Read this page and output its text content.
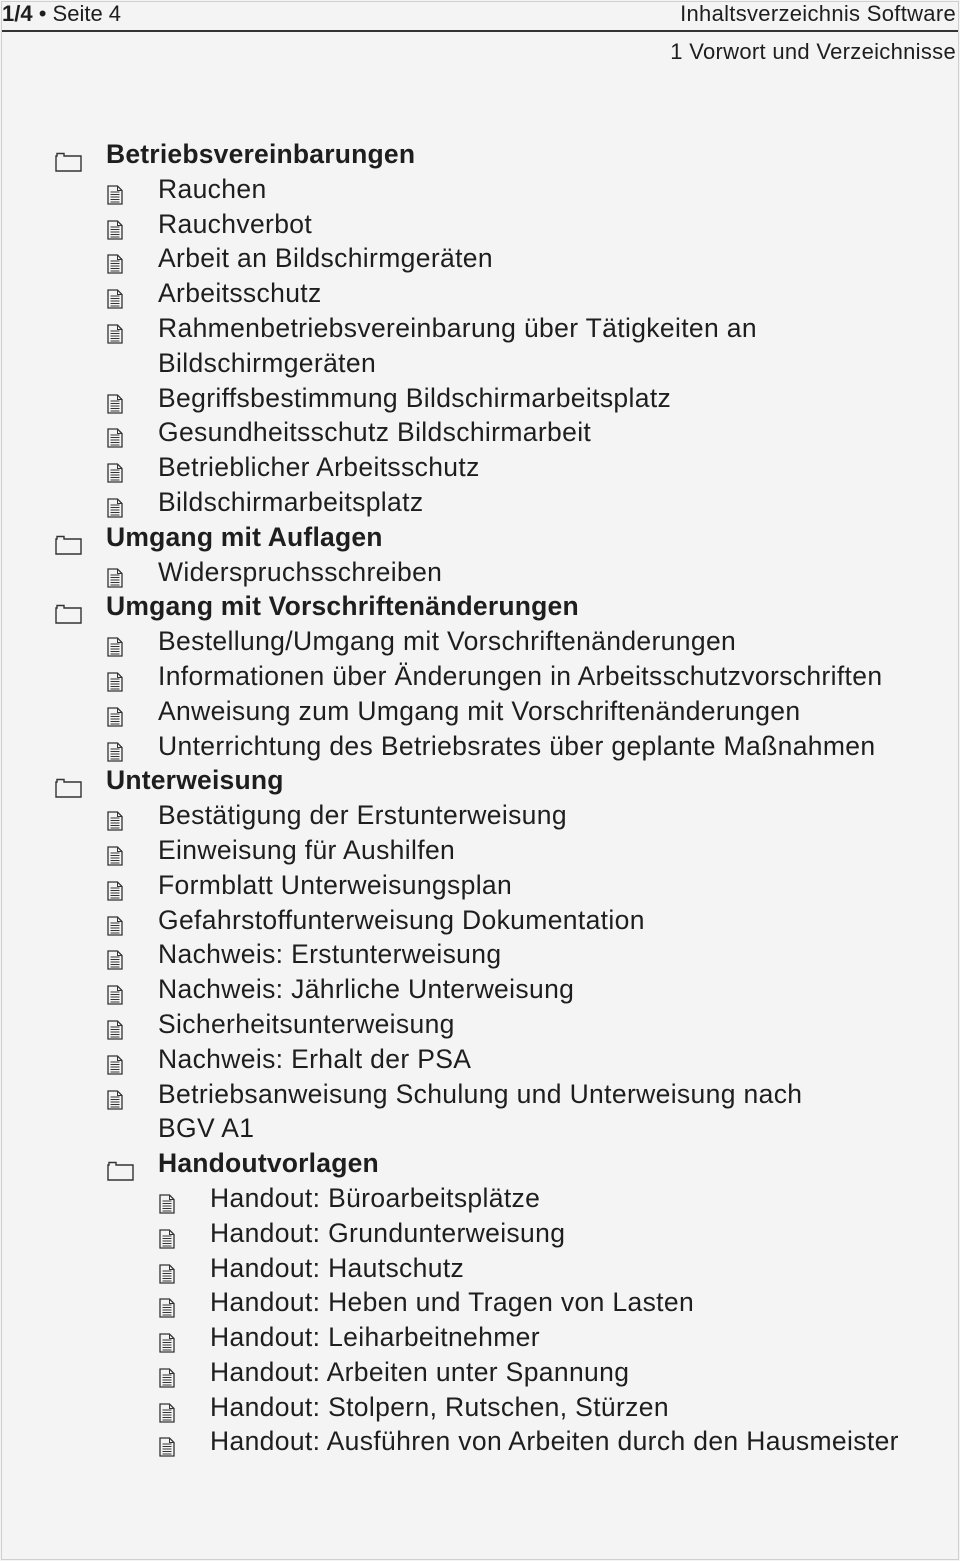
1/4 • Seite 4	Inhaltsverzeichnis Software
1 Vorwort und Verzeichnisse
Betriebsvereinbarungen
Rauchen
Rauchverbot
Arbeit an Bildschirmgeräten
Arbeitsschutz
Rahmenbetriebsvereinbarung über Tätigkeiten an
Bildschirmgeräten
Begriffsbestimmung Bildschirmarbeitsplatz
Gesundheitsschutz Bildschirmarbeit
Betrieblicher Arbeitsschutz
Bildschirmarbeitsplatz
Umgang mit Auflagen
Widerspruchsschreiben
Umgang mit Vorschriftenänderungen
Bestellung/Umgang mit Vorschriftenänderungen
Informationen über Änderungen in Arbeitsschutzvorschriften
Anweisung zum Umgang mit Vorschriftenänderungen
Unterrichtung des Betriebsrates über geplante Maßnahmen
Unterweisung
Bestätigung der Erstunterweisung
Einweisung für Aushilfen
Formblatt Unterweisungsplan
Gefahrstoffunterweisung Dokumentation
Nachweis: Erstunterweisung
Nachweis: Jährliche Unterweisung
Sicherheitsunterweisung
Nachweis: Erhalt der PSA
Betriebsanweisung Schulung und Unterweisung nach
BGV A1
Handoutvorlagen
Handout: Büroarbeitsplätze
Handout: Grundunterweisung
Handout: Hautschutz
Handout: Heben und Tragen von Lasten
Handout: Leiharbeitnehmer
Handout: Arbeiten unter Spannung
Handout: Stolpern, Rutschen, Stürzen
Handout: Ausführen von Arbeiten durch den Hausmeister
